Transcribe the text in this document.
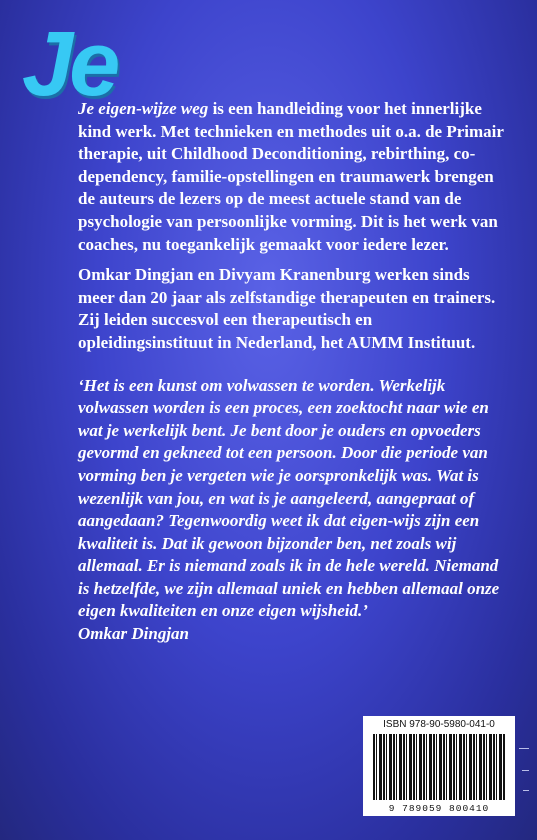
Je

Je eigen-wijze weg is een handleiding voor het innerlijke kind werk. Met technieken en methodes uit o.a. de Primair therapie, uit Childhood Deconditioning, rebirthing, co-dependency, familie-opstellingen en traumawerk brengen de auteurs de lezers op de meest actuele stand van de psychologie van persoonlijke vorming. Dit is het werk van coaches, nu toegankelijk gemaakt voor iedere lezer.

Omkar Dingjan en Divyam Kranenburg werken sinds meer dan 20 jaar als zelfstandige therapeuten en trainers. Zij leiden succesvol een therapeutisch en opleidingsinstituut in Nederland, het AUMM Instituut.

‘Het is een kunst om volwassen te worden. Werkelijk volwassen worden is een proces, een zoektocht naar wie en wat je werkelijk bent. Je bent door je ouders en opvoeders gevormd en gekneed tot een persoon. Door die periode van vorming ben je vergeten wie je oorspronkelijk was. Wat is wezenlijk van jou, en wat is je aangeleerd, aangepraat of aangedaan? Tegenwoordig weet ik dat eigen-wijs zijn een kwaliteit is. Dat ik gewoon bijzonder ben, net zoals wij allemaal. Er is niemand zoals ik in de hele wereld. Niemand is hetzelfde, we zijn allemaal uniek en hebben allemaal onze eigen kwaliteiten en onze eigen wijsheid.’

Omkar Dingjan

ISBN 978-90-5980-041-0
9 789059 800410
